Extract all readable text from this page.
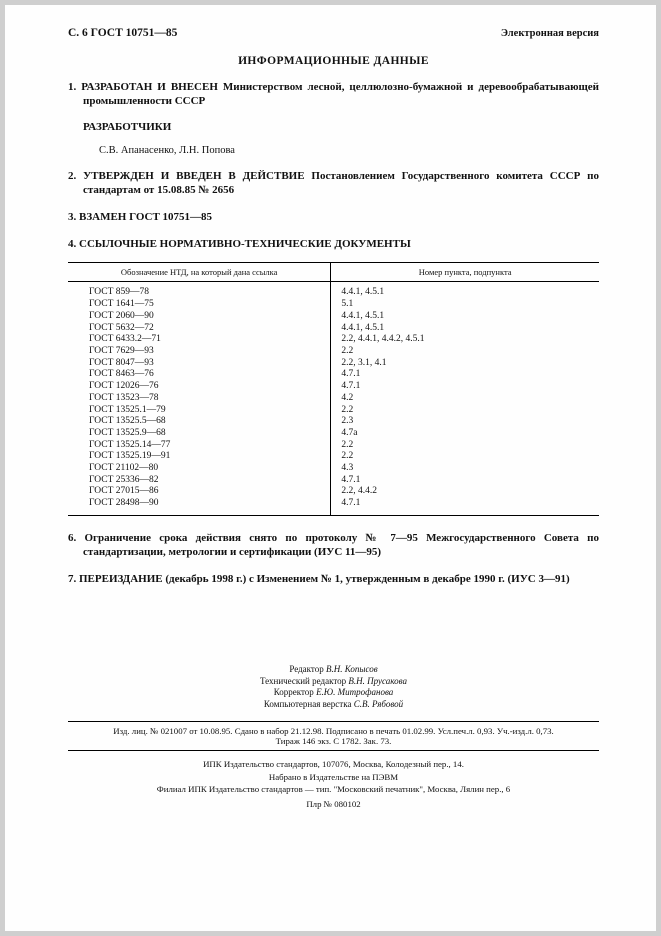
С. 6 ГОСТ 10751—85	Электронная версия
ИНФОРМАЦИОННЫЕ ДАННЫЕ
1. РАЗРАБОТАН И ВНЕСЕН Министерством лесной, целлюлозно-бумажной и деревообрабатывающей промышленности СССР
РАЗРАБОТЧИКИ
С.В. Апанасенко, Л.Н. Попова
2. УТВЕРЖДЕН И ВВЕДЕН В ДЕЙСТВИЕ Постановлением Государственного комитета СССР по стандартам от 15.08.85 № 2656
3. ВЗАМЕН ГОСТ 10751—85
4. ССЫЛОЧНЫЕ НОРМАТИВНО-ТЕХНИЧЕСКИЕ ДОКУМЕНТЫ
Обозначение НТД, на который дана ссылка	Номер пункта, подпункта
ГОСТ 859—78	4.4.1, 4.5.1
ГОСТ 1641—75	5.1
ГОСТ 2060—90	4.4.1, 4.5.1
ГОСТ 5632—72	4.4.1, 4.5.1
ГОСТ 6433.2—71	2.2, 4.4.1, 4.4.2, 4.5.1
ГОСТ 7629—93	2.2
ГОСТ 8047—93	2.2, 3.1, 4.1
ГОСТ 8463—76	4.7.1
ГОСТ 12026—76	4.7.1
ГОСТ 13523—78	4.2
ГОСТ 13525.1—79	2.2
ГОСТ 13525.5—68	2.3
ГОСТ 13525.9—68	4.7а
ГОСТ 13525.14—77	2.2
ГОСТ 13525.19—91	2.2
ГОСТ 21102—80	4.3
ГОСТ 25336—82	4.7.1
ГОСТ 27015—86	2.2, 4.4.2
ГОСТ 28498—90	4.7.1
6. Ограничение срока действия снято по протоколу № 7—95 Межгосударственного Совета по стандартизации, метрологии и сертификации (ИУС 11—95)
7. ПЕРЕИЗДАНИЕ (декабрь 1998 г.) с Изменением № 1, утвержденным в декабре 1990 г. (ИУС 3—91)
Редактор В.Н. Копысов
Технический редактор В.Н. Прусакова
Корректор Е.Ю. Митрофанова
Компьютерная верстка С.В. Рябовой
Изд. лиц. № 021007 от 10.08.95. Сдано в набор 21.12.98. Подписано в печать 01.02.99. Усл.печ.л. 0,93. Уч.-изд.л. 0,73.
Тираж 146 экз. С 1782. Зак. 73.
ИПК Издательство стандартов, 107076, Москва, Колодезный пер., 14.
Набрано в Издательстве на ПЭВМ
Филиал ИПК Издательство стандартов — тип. "Московский печатник", Москва, Лялин пер., 6
Плр № 080102
